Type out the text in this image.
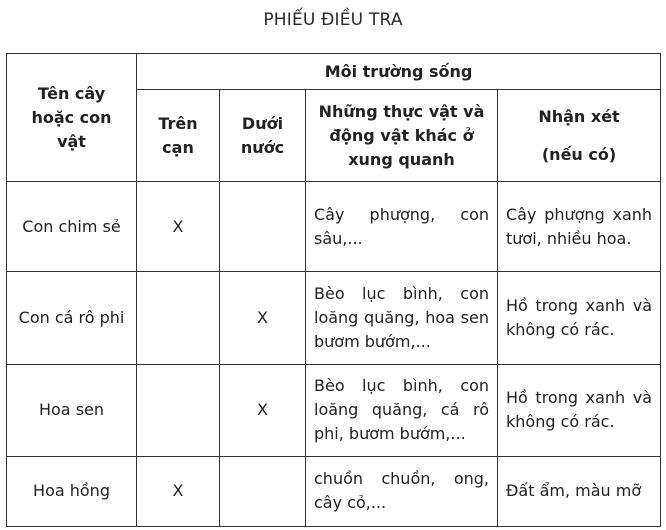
PHIẾU ĐIỀU TRA
Tên cây hoặc con vật	Môi trường sống			
	Trên cạn	Dưới nước	Những thực vật và động vật khác ở xung quanh	Nhận xét
(nếu có)
Con chim sẻ	X		Cây phượng, con sâu,...	Cây phượng xanh tươi, nhiều hoa.
Con cá rô phi		X	Bèo lục bình, con loăng quăng, hoa sen bươm bướm,...	Hồ trong xanh và không có rác.
Hoa sen		X	Bèo lục bình, con loăng quăng, cá rô phi, bươm bướm,...	Hồ trong xanh và không có rác.
Hoa hồng	X		chuồn chuồn, ong, cây cỏ,...	Đất ẩm, màu mỡ
